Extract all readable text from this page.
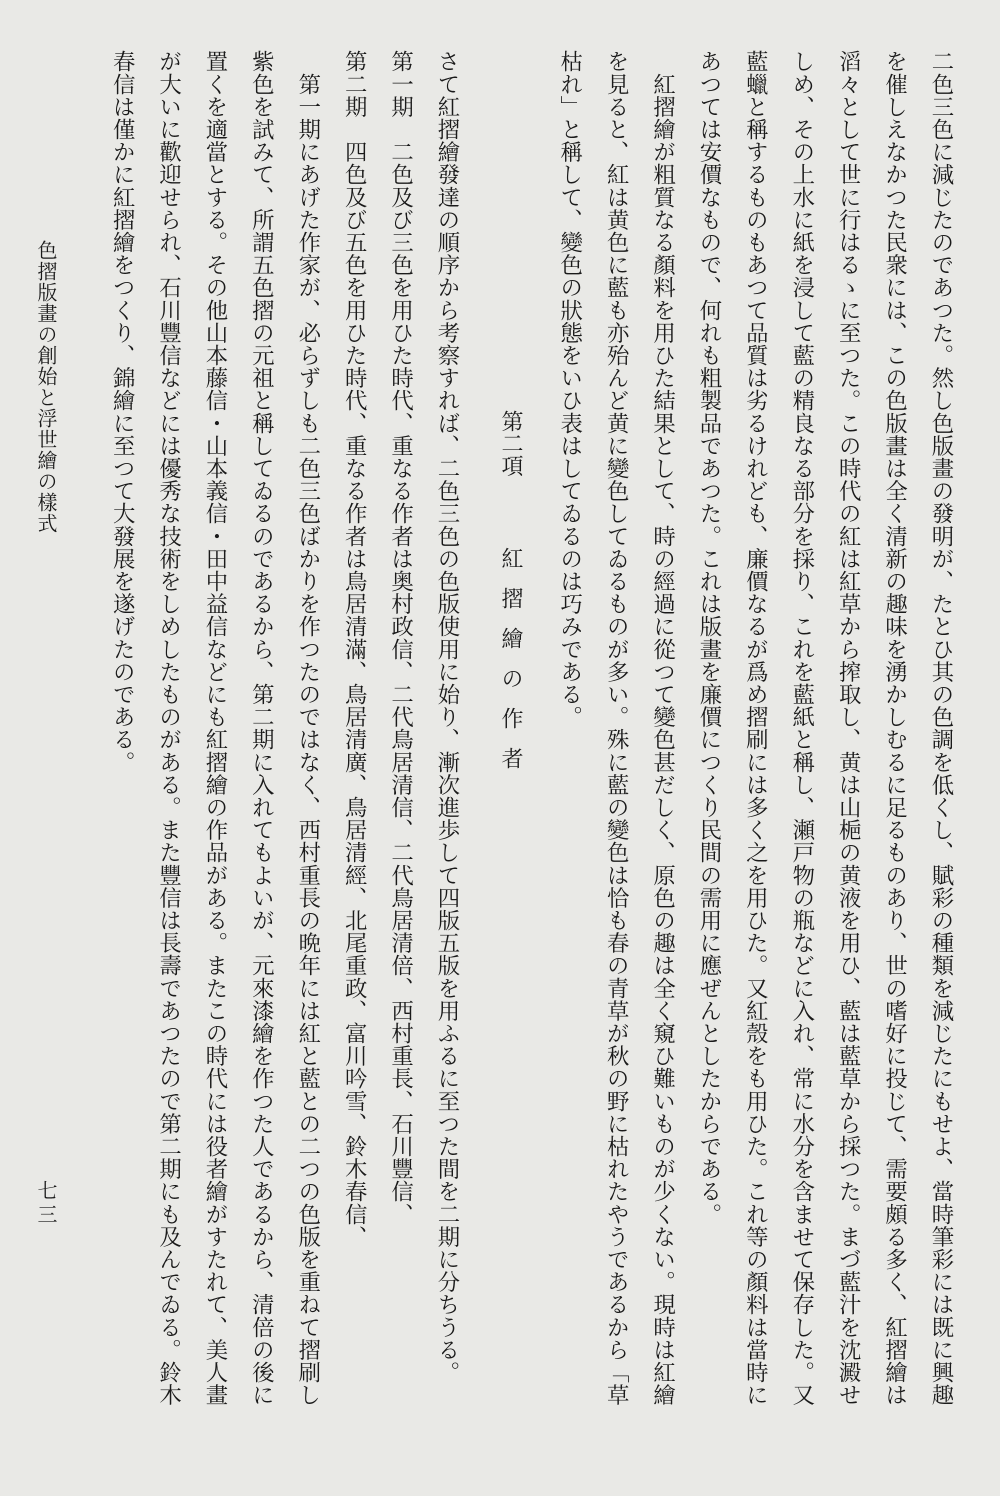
二色三色に減じたのであつた。然し色版畫の發明が、たとひ其の色調を低くし、賦彩の種類を減じたにもせよ、當時筆彩には既に興趣
を催しえなかつた民衆には、この色版畫は全く清新の趣味を湧かしむるに足るものあり、世の嗜好に投じて、需要頗る多く、紅摺繪は
滔々として世に行はるゝに至つた。この時代の紅は紅草から搾取し、黄は山梔の黄液を用ひ、藍は藍草から採つた。まづ藍汁を沈澱せ
しめ、その上水に紙を浸して藍の精良なる部分を採り、これを藍紙と稱し、瀬戸物の瓶などに入れ、常に水分を含ませて保存した。又
藍蠟と稱するものもあつて品質は劣るけれども、廉價なるが爲め摺刷には多く之を用ひた。又紅殼をも用ひた。これ等の顏料は當時に
あつては安價なもので、何れも粗製品であつた。これは版畫を廉價につくり民間の需用に應ぜんとしたからである。
　紅摺繪が粗質なる顏料を用ひた結果として、時の經過に從つて變色甚だしく、原色の趣は全く窺ひ難いものが少くない。現時は紅繪
を見ると、紅は黄色に藍も亦殆んど黄に變色してゐるものが多い。殊に藍の變色は恰も春の青草が秋の野に枯れたやうであるから「草
枯れ」と稱して、變色の狀態をいひ表はしてゐるのは巧みである。
第二項　　紅摺繪の作者
さて紅摺繪發達の順序から考察すれば、二色三色の色版使用に始り、漸次進歩して四版五版を用ふるに至つた間を二期に分ちうる。
第一期　二色及び三色を用ひた時代、重なる作者は奥村政信、二代鳥居清信、二代鳥居清倍、西村重長、石川豐信、
第二期　四色及び五色を用ひた時代、重なる作者は鳥居清滿、鳥居清廣、鳥居清經、北尾重政、富川吟雪、鈴木春信、
　第一期にあげた作家が、必らずしも二色三色ばかりを作つたのではなく、西村重長の晩年には紅と藍との二つの色版を重ねて摺刷し
紫色を試みて、所謂五色摺の元祖と稱してゐるのであるから、第二期に入れてもよいが、元來漆繪を作つた人であるから、清倍の後に
置くを適當とする。その他山本藤信・山本義信・田中益信などにも紅摺繪の作品がある。またこの時代には役者繪がすたれて、美人畫
が大いに歡迎せられ、石川豐信などには優秀な技術をしめしたものがある。また豐信は長壽であつたので第二期にも及んでゐる。鈴木
春信は僅かに紅摺繪をつくり、錦繪に至つて大發展を遂げたのである。
色摺版畫の創始と浮世繪の樣式
七三
